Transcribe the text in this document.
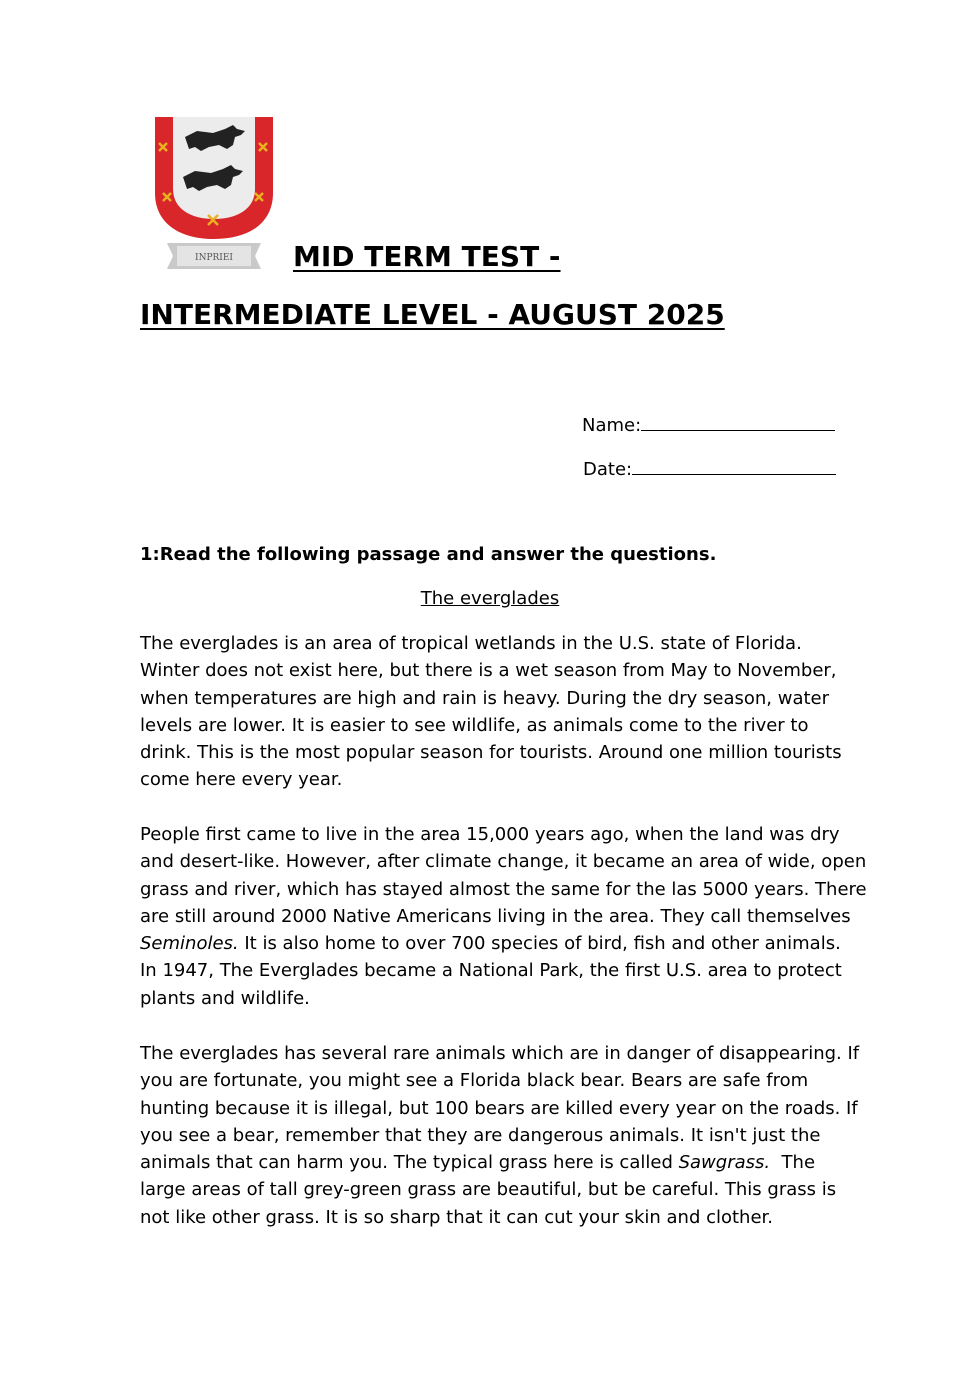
INPRIEI MID TERM TEST -
INTERMEDIATE LEVEL - AUGUST 2025
Name:
Date:

1:Read the following passage and answer the questions.

The everglades

The everglades is an area of tropical wetlands in the U.S. state of Florida.
Winter does not exist here, but there is a wet season from May to November,
when temperatures are high and rain is heavy. During the dry season, water
levels are lower. It is easier to see wildlife, as animals come to the river to
drink. This is the most popular season for tourists. Around one million tourists
come here every year.

People first came to live in the area 15,000 years ago, when the land was dry
and desert-like. However, after climate change, it became an area of wide, open
grass and river, which has stayed almost the same for the las 5000 years. There
are still around 2000 Native Americans living in the area. They call themselves
Seminoles. It is also home to over 700 species of bird, fish and other animals.
In 1947, The Everglades became a National Park, the first U.S. area to protect
plants and wildlife.

The everglades has several rare animals which are in danger of disappearing. If
you are fortunate, you might see a Florida black bear. Bears are safe from
hunting because it is illegal, but 100 bears are killed every year on the roads. If
you see a bear, remember that they are dangerous animals. It isn't just the
animals that can harm you. The typical grass here is called Sawgrass.  The
large areas of tall grey-green grass are beautiful, but be careful. This grass is
not like other grass. It is so sharp that it can cut your skin and clother.
